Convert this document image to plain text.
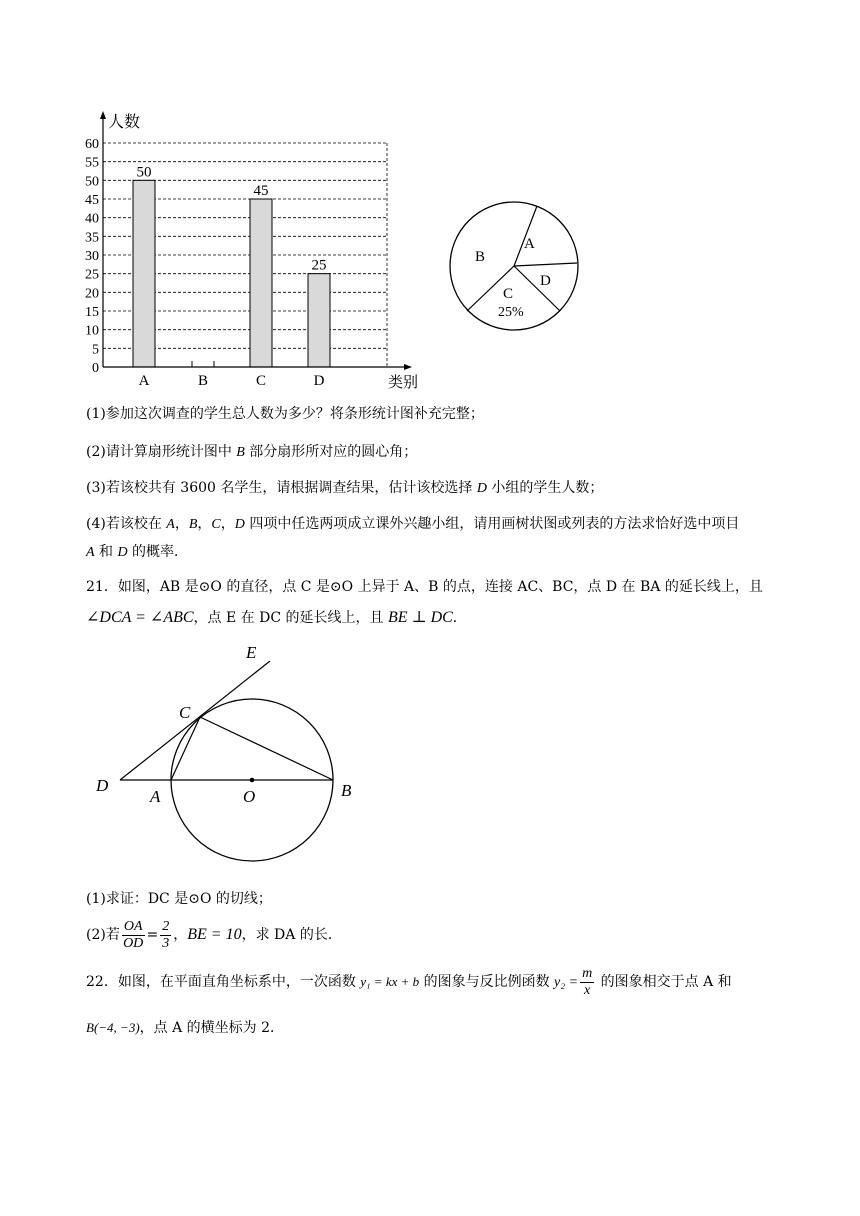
0
5
10
15
20
25
30
35
40
45
50
55
60
50
45
25
A	B	C	D
人数
类别
A
B
C
D
25%
(1)参加这次调查的学生总人数为多少？将条形统计图补充完整；
(2)请计算扇形统计图中 B 部分扇形所对应的圆心角；
(3)若该校共有 3600 名学生，请根据调查结果，估计该校选择 D 小组的学生人数；
(4)若该校在 A，B，C，D 四项中任选两项成立课外兴趣小组，请用画树状图或列表的方法求恰好选中项目
A 和 D 的概率．
21．如图，AB 是⊙O 的直径，点 C 是⊙O 上异于 A、B 的点，连接 AC、BC，点 D 在 BA 的延长线上，且
∠DCA = ∠ABC，点 E 在 DC 的延长线上，且 BE ⊥ DC．
E
C
D
A	O	B
(1)求证：DC 是⊙O 的切线；
(2)若 $\frac{OA}{OD} = \frac{2}{3}$ ，BE = 10，求 DA 的长．
22．如图，在平面直角坐标系中，一次函数 y₁ = kx + b 的图象与反比例函数 $y_2 = \frac{m}{x}$ 的图象相交于点 A 和
B(−4, −3)，点 A 的横坐标为 2．
